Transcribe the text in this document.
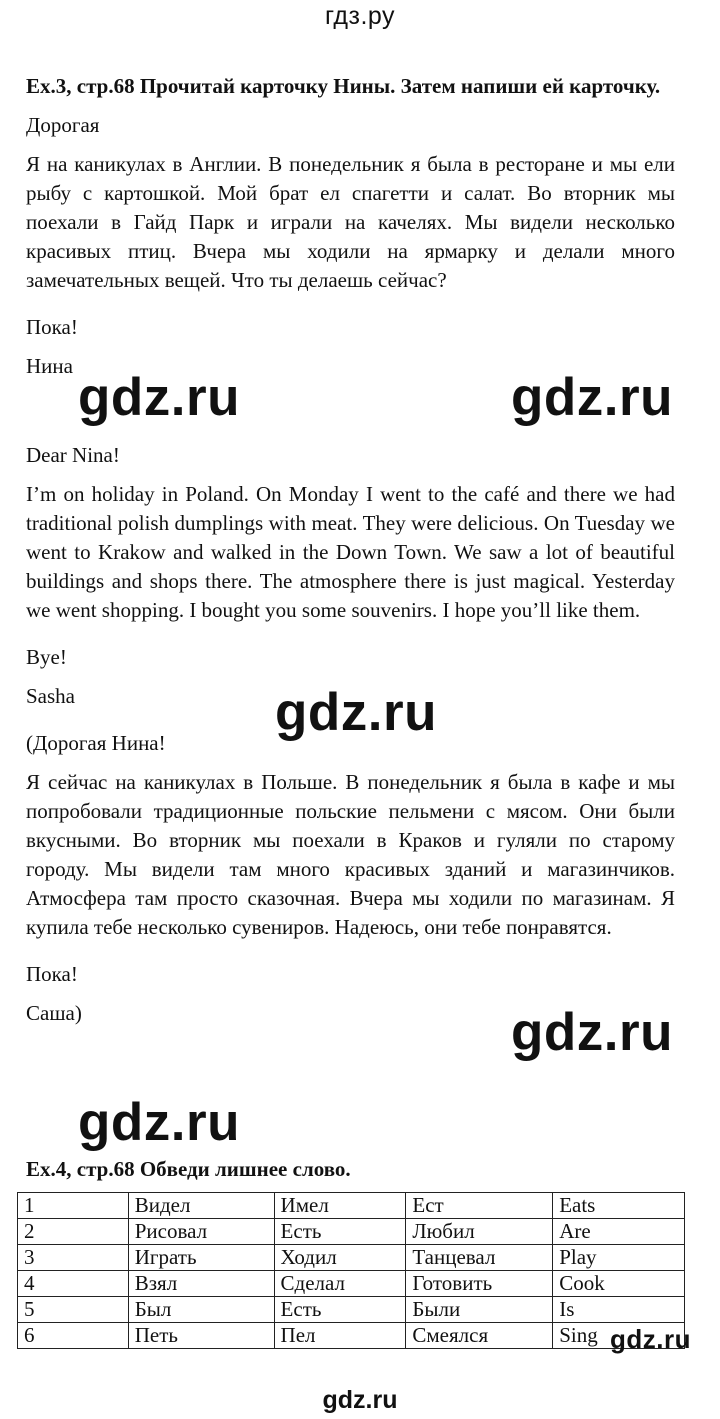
гдз.ру

Ex.3, стр.68 Прочитай карточку Нины. Затем напиши ей карточку.

Дорогая

Я на каникулах в Англии. В понедельник я была в ресторане и мы ели рыбу с картошкой. Мой брат ел спагетти и салат. Во вторник мы поехали в Гайд Парк и играли на качелях. Мы видели несколько красивых птиц. Вчера мы ходили на ярмарку и делали много замечательных вещей. Что ты делаешь сейчас?

Пока!

Нина

Dear Nina!

I’m on holiday in Poland. On Monday I went to the café and there we had traditional polish dumplings with meat. They were delicious. On Tuesday we went to Krakow and walked in the Down Town. We saw a lot of beautiful buildings and shops there. The atmosphere there is just magical. Yesterday we went shopping. I bought you some souvenirs. I hope you’ll like them.

Bye!

Sasha

(Дорогая Нина!

Я сейчас на каникулах в Польше. В понедельник я была в кафе и мы попробовали традиционные польские пельмени с мясом. Они были вкусными. Во вторник мы поехали в Краков и гуляли по старому городу. Мы видели там много красивых зданий и магазинчиков. Атмосфера там просто сказочная. Вчера мы ходили по магазинам. Я купила тебе несколько сувениров. Надеюсь, они тебе понравятся.

Пока!

Саша)

gdz.ru	gdz.ru
gdz.ru
gdz.ru
gdz.ru
Ex.4, стр.68 Обведи лишнее слово.
1	Видел	Имел	Ест	Eats
2	Рисовал	Есть	Любил	Are
3	Играть	Ходил	Танцевал	Play
4	Взял	Сделал	Готовить	Cook
5	Был	Есть	Были	Is
6	Петь	Пел	Смеялся	Sing gdz.ru
gdz.ru
